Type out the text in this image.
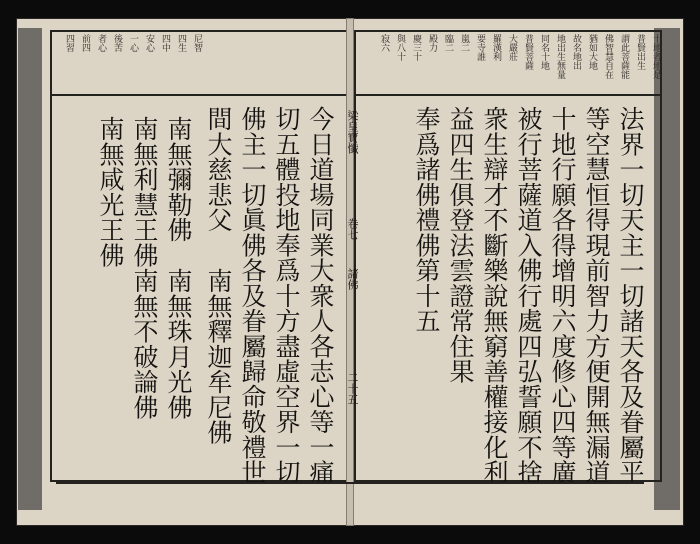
十地者地是
普賢出生
謂此菩薩能
佛智慧自在
猶如大地
故名地出
地出生無量
同名十地
普賢菩薩
大嚴莊
羅漢利
要寺誰
嵐二
臨二
殿力
慶三十
與八十
寂六
法界一切天主一切諸天各及眷屬平
等空慧恒得現前智力方便開無漏道
十地行願各得增明六度修心四等廣
被行菩薩道入佛行處四弘誓願不捨
衆生辯才不斷樂說無窮善權接化利
益四生俱登法雲證常住果
奉爲諸佛禮佛第十五
四習 前四 者心 後苦 一心 安心 四中 四生 尼智
今日道場同業大衆人各志心等一痛
切五體投地奉爲十方盡虛空界一切
佛主一切眞佛各及眷屬歸命敬禮世
間大慈悲父
南無彌勒佛
南無利慧王佛
南無咸光王佛
南無釋迦牟尼佛
南無珠月光佛
南無不破論佛
梁皇寶懺
卷七
諸佛
二十五
